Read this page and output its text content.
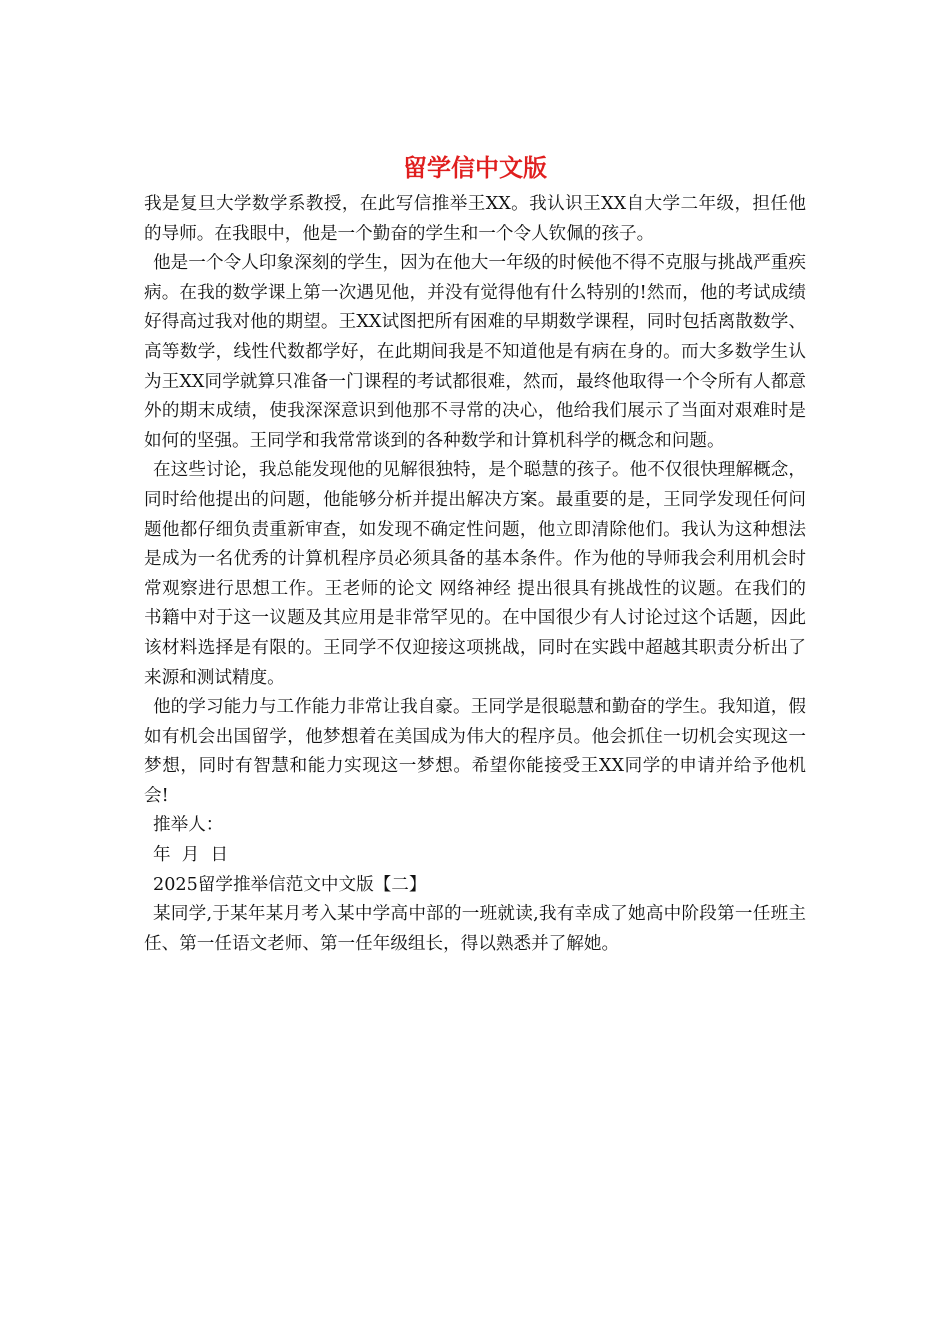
留学信中文版

我是复旦大学数学系教授，在此写信推举王XX。我认识王XX自大学二年级，担任他的导师。在我眼中，他是一个勤奋的学生和一个令人钦佩的孩子。

他是一个令人印象深刻的学生，因为在他大一年级的时候他不得不克服与挑战严重疾病。在我的数学课上第一次遇见他，并没有觉得他有什么特别的!然而，他的考试成绩好得高过我对他的期望。王XX试图把所有困难的早期数学课程，同时包括离散数学、高等数学，线性代数都学好，在此期间我是不知道他是有病在身的。而大多数学生认为王XX同学就算只准备一门课程的考试都很难，然而，最终他取得一个令所有人都意外的期末成绩，使我深深意识到他那不寻常的决心，他给我们展示了当面对艰难时是如何的坚强。王同学和我常常谈到的各种数学和计算机科学的概念和问题。

在这些讨论，我总能发现他的见解很独特，是个聪慧的孩子。他不仅很快理解概念，同时给他提出的问题，他能够分析并提出解决方案。最重要的是，王同学发现任何问题他都仔细负责重新审查，如发现不确定性问题，他立即清除他们。我认为这种想法是成为一名优秀的计算机程序员必须具备的基本条件。作为他的导师我会利用机会时常观察进行思想工作。王老师的论文 网络神经 提出很具有挑战性的议题。在我们的书籍中对于这一议题及其应用是非常罕见的。在中国很少有人讨论过这个话题，因此该材料选择是有限的。王同学不仅迎接这项挑战，同时在实践中超越其职责分析出了来源和测试精度。

他的学习能力与工作能力非常让我自豪。王同学是很聪慧和勤奋的学生。我知道，假如有机会出国留学，他梦想着在美国成为伟大的程序员。他会抓住一切机会实现这一梦想，同时有智慧和能力实现这一梦想。希望你能接受王XX同学的申请并给予他机会!

推举人：

年  月  日

2025留学推举信范文中文版【二】

某同学,于某年某月考入某中学高中部的一班就读,我有幸成了她高中阶段第一任班主任、第一任语文老师、第一任年级组长，得以熟悉并了解她。
